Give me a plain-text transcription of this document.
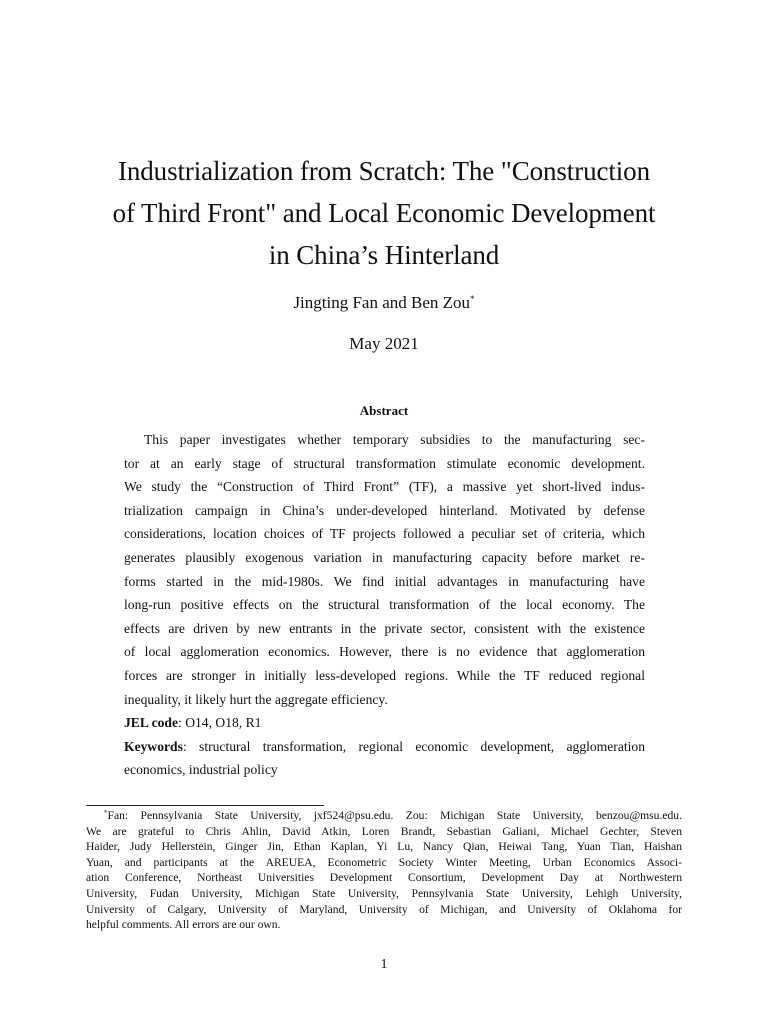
Industrialization from Scratch: The "Construction
of Third Front" and Local Economic Development
in China’s Hinterland
Jingting Fan and Ben Zou*
May 2021
Abstract
This paper investigates whether temporary subsidies to the manufacturing sec-
tor at an early stage of structural transformation stimulate economic development.
We study the “Construction of Third Front” (TF), a massive yet short-lived indus-
trialization campaign in China’s under-developed hinterland. Motivated by defense
considerations, location choices of TF projects followed a peculiar set of criteria, which
generates plausibly exogenous variation in manufacturing capacity before market re-
forms started in the mid-1980s. We find initial advantages in manufacturing have
long-run positive effects on the structural transformation of the local economy. The
effects are driven by new entrants in the private sector, consistent with the existence
of local agglomeration economics. However, there is no evidence that agglomeration
forces are stronger in initially less-developed regions. While the TF reduced regional
inequality, it likely hurt the aggregate efficiency.
JEL code: O14, O18, R1
Keywords: structural transformation, regional economic development, agglomeration
economics, industrial policy
*Fan: Pennsylvania State University, jxf524@psu.edu. Zou: Michigan State University, benzou@msu.edu.
We are grateful to Chris Ahlin, David Atkin, Loren Brandt, Sebastian Galiani, Michael Gechter, Steven
Haider, Judy Hellerstein, Ginger Jin, Ethan Kaplan, Yi Lu, Nancy Qian, Heiwai Tang, Yuan Tian, Haishan
Yuan, and participants at the AREUEA, Econometric Society Winter Meeting, Urban Economics Associ-
ation Conference, Northeast Universities Development Consortium, Development Day at Northwestern
University, Fudan University, Michigan State University, Pennsylvania State University, Lehigh University,
University of Calgary, University of Maryland, University of Michigan, and University of Oklahoma for
helpful comments. All errors are our own.
1
